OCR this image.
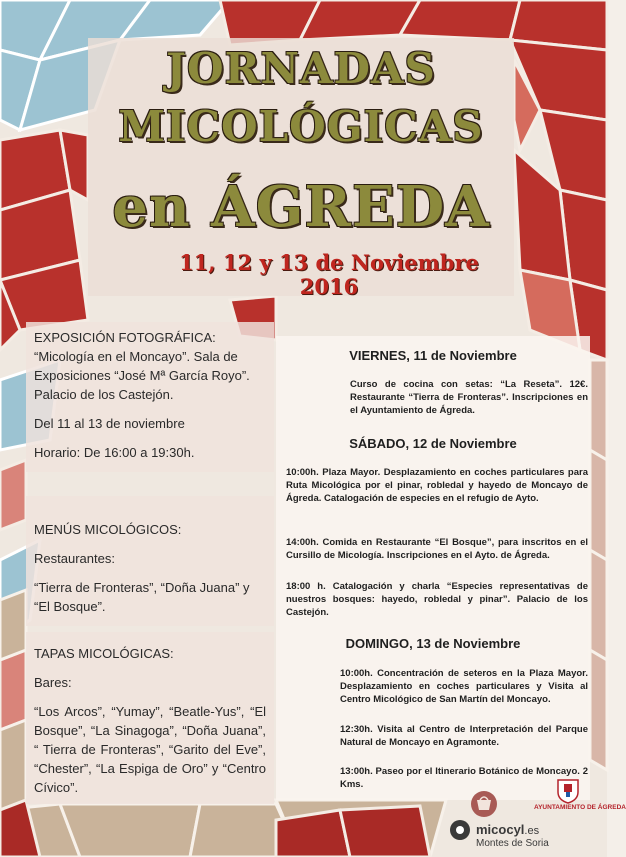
JORNADAS
MICOLÓGICAS
en ÁGREDA
11, 12 y 13 de Noviembre
2016

EXPOSICIÓN FOTOGRÁFICA:

“Micología en el Moncayo”. Sala de Exposiciones “José Mª García Royo”. Palacio de los Castejón.

Del 11 al 13 de noviembre

Horario: De 16:00 a 19:30h.

MENÚS MICOLÓGICOS:

Restaurantes:

“Tierra de Fronteras”, “Doña Juana” y “El Bosque”.

TAPAS MICOLÓGICAS:

Bares:

“Los Arcos”, “Yumay”, “Beatle-Yus”, “El Bosque”, “La Sinagoga”, “Doña Juana”, “ Tierra de Fronteras”, “Garito del Eve”, “Chester”, “La Espiga de Oro” y “Centro Cívico”.

VIERNES, 11 de Noviembre
Curso de cocina con setas: “La Reseta”. 12€. Restaurante “Tierra de Fronteras”. Inscripciones en el Ayuntamiento de Ágreda.
SÁBADO, 12 de Noviembre
10:00h. Plaza Mayor. Desplazamiento en coches particulares para Ruta Micológica por el pinar, robledal y hayedo de Moncayo de Ágreda. Catalogación de especies en el refugio de Ayto.
14:00h. Comida en Restaurante “El Bosque”, para inscritos en el Cursillo de Micología. Inscripciones en el Ayto. de Ágreda.
18:00 h. Catalogación y charla “Especies representativas de nuestros bosques: hayedo, robledal y pinar”. Palacio de los Castejón.
DOMINGO, 13 de Noviembre
10:00h. Concentración de seteros en la Plaza Mayor. Desplazamiento en coches particulares y Visita al Centro Micológico de San Martín del Moncayo.
12:30h. Visita al Centro de Interpretación del Parque Natural de Moncayo en Agramonte.
13:00h. Paseo por el Itinerario Botánico de Moncayo. 2 Kms.
AYUNTAMIENTO DE ÁGREDA
micocyl.es
Montes de Soria
